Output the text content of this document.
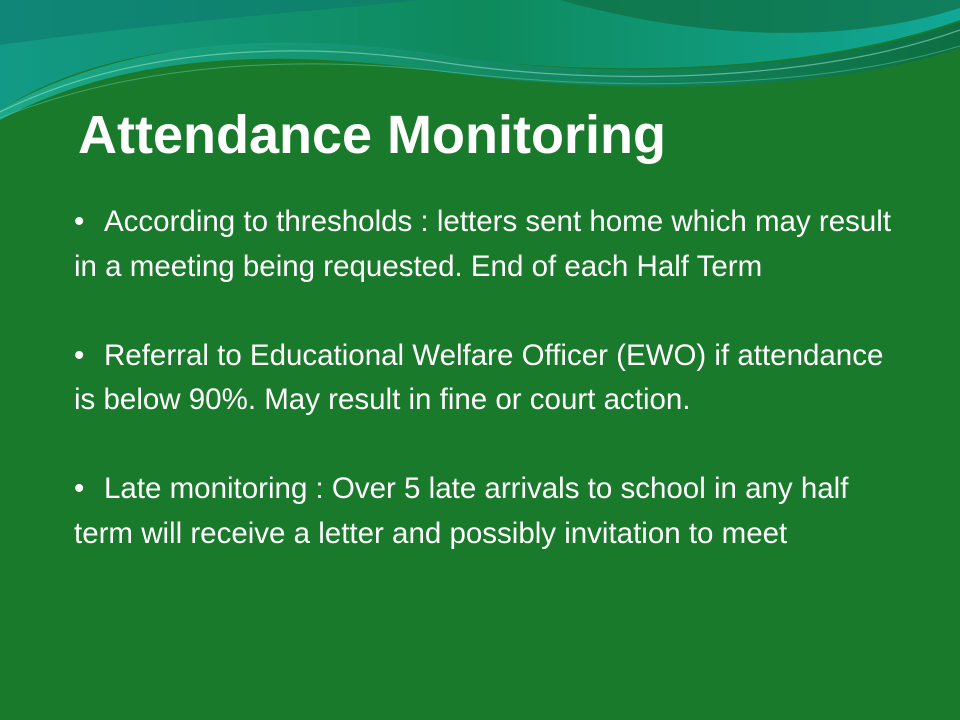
Attendance Monitoring
• According to thresholds : letters sent home which may result in a meeting being requested. End of each Half Term
• Referral to Educational Welfare Officer (EWO) if attendance is below 90%. May result in fine or court action.
• Late monitoring : Over 5 late arrivals to school in any half term will receive a letter and possibly invitation to meet
